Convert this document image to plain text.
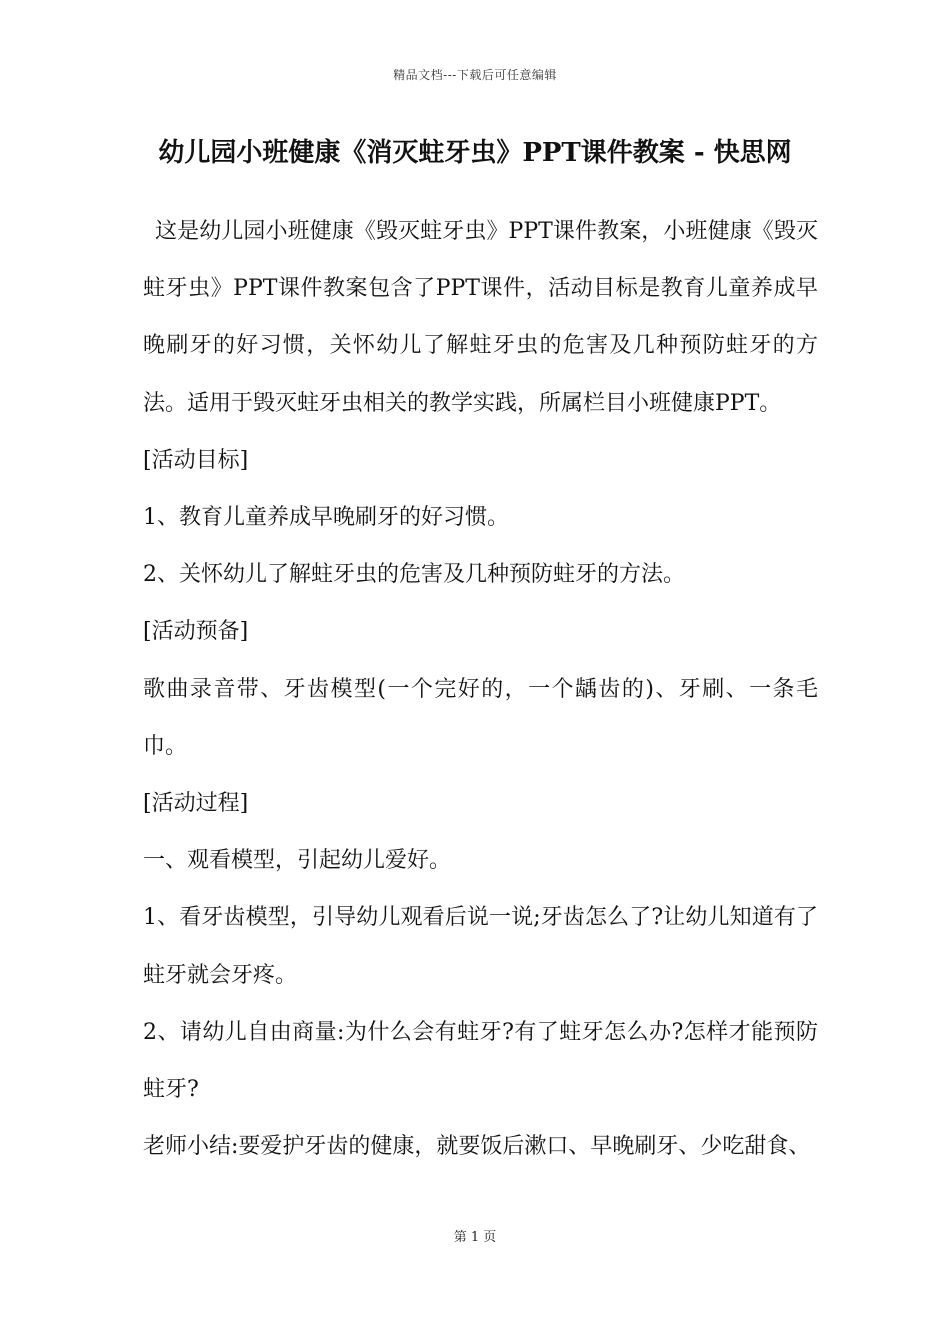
精品文档---下载后可任意编辑
幼儿园小班健康《消灭蛀牙虫》PPT课件教案 - 快思网

这是幼儿园小班健康《毁灭蛀牙虫》PPT课件教案，小班健康《毁灭蛀牙虫》PPT课件教案包含了PPT课件，活动目标是教育儿童养成早晚刷牙的好习惯，关怀幼儿了解蛀牙虫的危害及几种预防蛀牙的方法。适用于毁灭蛀牙虫相关的教学实践，所属栏目小班健康PPT。

[活动目标]

1、教育儿童养成早晚刷牙的好习惯。

2、关怀幼儿了解蛀牙虫的危害及几种预防蛀牙的方法。

[活动预备]

歌曲录音带、牙齿模型(一个完好的，一个龋齿的)、牙刷、一条毛巾。

[活动过程]

一、观看模型，引起幼儿爱好。

1、看牙齿模型，引导幼儿观看后说一说;牙齿怎么了?让幼儿知道有了蛀牙就会牙疼。

2、请幼儿自由商量:为什么会有蛀牙?有了蛀牙怎么办?怎样才能预防蛀牙?

老师小结:要爱护牙齿的健康，就要饭后漱口、早晚刷牙、少吃甜食、

第 1 页
